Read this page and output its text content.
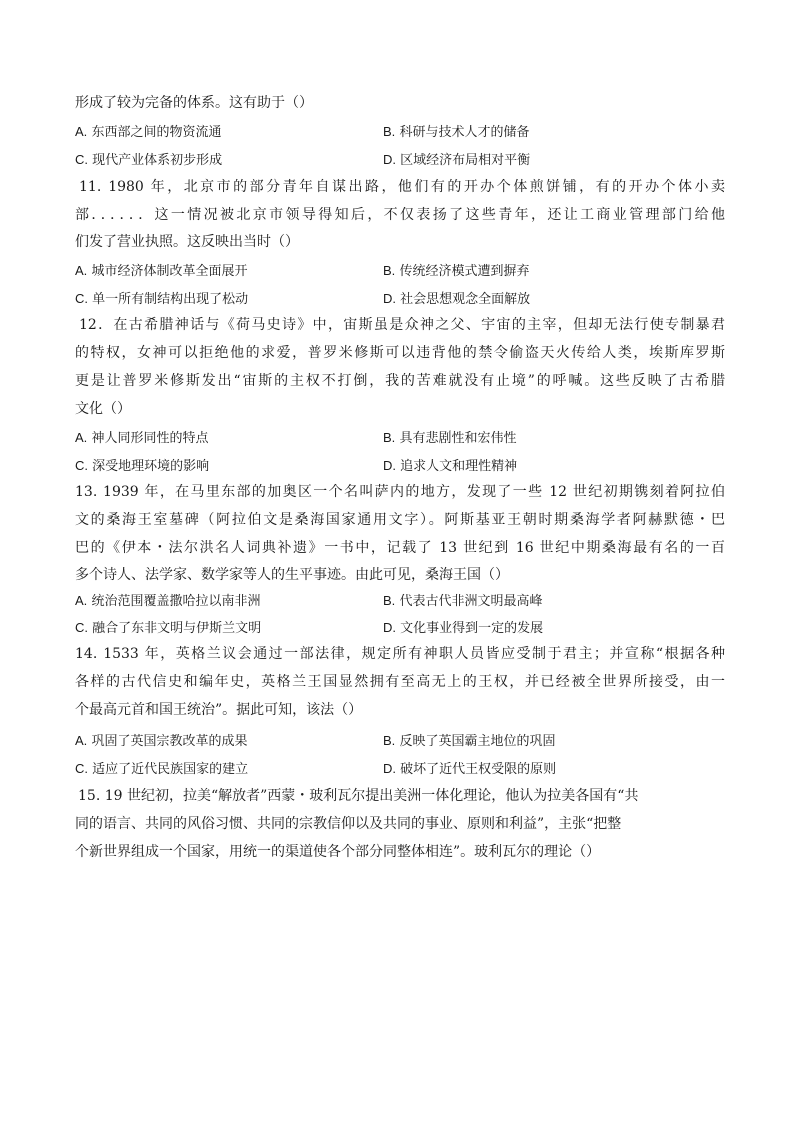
形成了较为完备的体系。这有助于（）
A. 东西部之间的物资流通	B. 科研与技术人才的储备
C. 现代产业体系初步形成	D. 区域经济布局相对平衡
11. 1980 年，北京市的部分青年自谋出路，他们有的开办个体煎饼铺，有的开办个体小卖
部．．．．．．这一情况被北京市领导得知后，不仅表扬了这些青年，还让工商业管理部门给他
们发了营业执照。这反映出当时（）
A. 城市经济体制改革全面展开	B. 传统经济模式遭到摒弃
C. 单一所有制结构出现了松动	D. 社会思想观念全面解放
12．在古希腊神话与《荷马史诗》中，宙斯虽是众神之父、宇宙的主宰，但却无法行使专制暴君
的特权，女神可以拒绝他的求爱，普罗米修斯可以违背他的禁令偷盗天火传给人类，埃斯库罗斯
更是让普罗米修斯发出“宙斯的主权不打倒，我的苦难就没有止境”的呼喊。这些反映了古希腊
文化（）
A. 神人同形同性的特点	B. 具有悲剧性和宏伟性
C. 深受地理环境的影响	D. 追求人文和理性精神
13. 1939 年，在马里东部的加奥区一个名叫萨内的地方，发现了一些 12 世纪初期镌刻着阿拉伯
文的桑海王室墓碑（阿拉伯文是桑海国家通用文字）。阿斯基亚王朝时期桑海学者阿赫默德・巴
巴的《伊本・法尔洪名人词典补遗》一书中，记载了 13 世纪到 16 世纪中期桑海最有名的一百
多个诗人、法学家、数学家等人的生平事迹。由此可见，桑海王国（）
A. 统治范围覆盖撒哈拉以南非洲	B. 代表古代非洲文明最高峰
C. 融合了东非文明与伊斯兰文明	D. 文化事业得到一定的发展
14. 1533 年，英格兰议会通过一部法律，规定所有神职人员皆应受制于君主；并宣称“根据各种
各样的古代信史和编年史，英格兰王国显然拥有至高无上的王权，并已经被全世界所接受，由一
个最高元首和国王统治”。据此可知，该法（）
A. 巩固了英国宗教改革的成果	B. 反映了英国霸主地位的巩固
C. 适应了近代民族国家的建立	D. 破坏了近代王权受限的原则
15. 19 世纪初，拉美“解放者”西蒙・玻利瓦尔提出美洲一体化理论，他认为拉美各国有“共
同的语言、共同的风俗习惯、共同的宗教信仰以及共同的事业、原则和利益”，主张“把整
个新世界组成一个国家，用统一的渠道使各个部分同整体相连”。玻利瓦尔的理论（）
